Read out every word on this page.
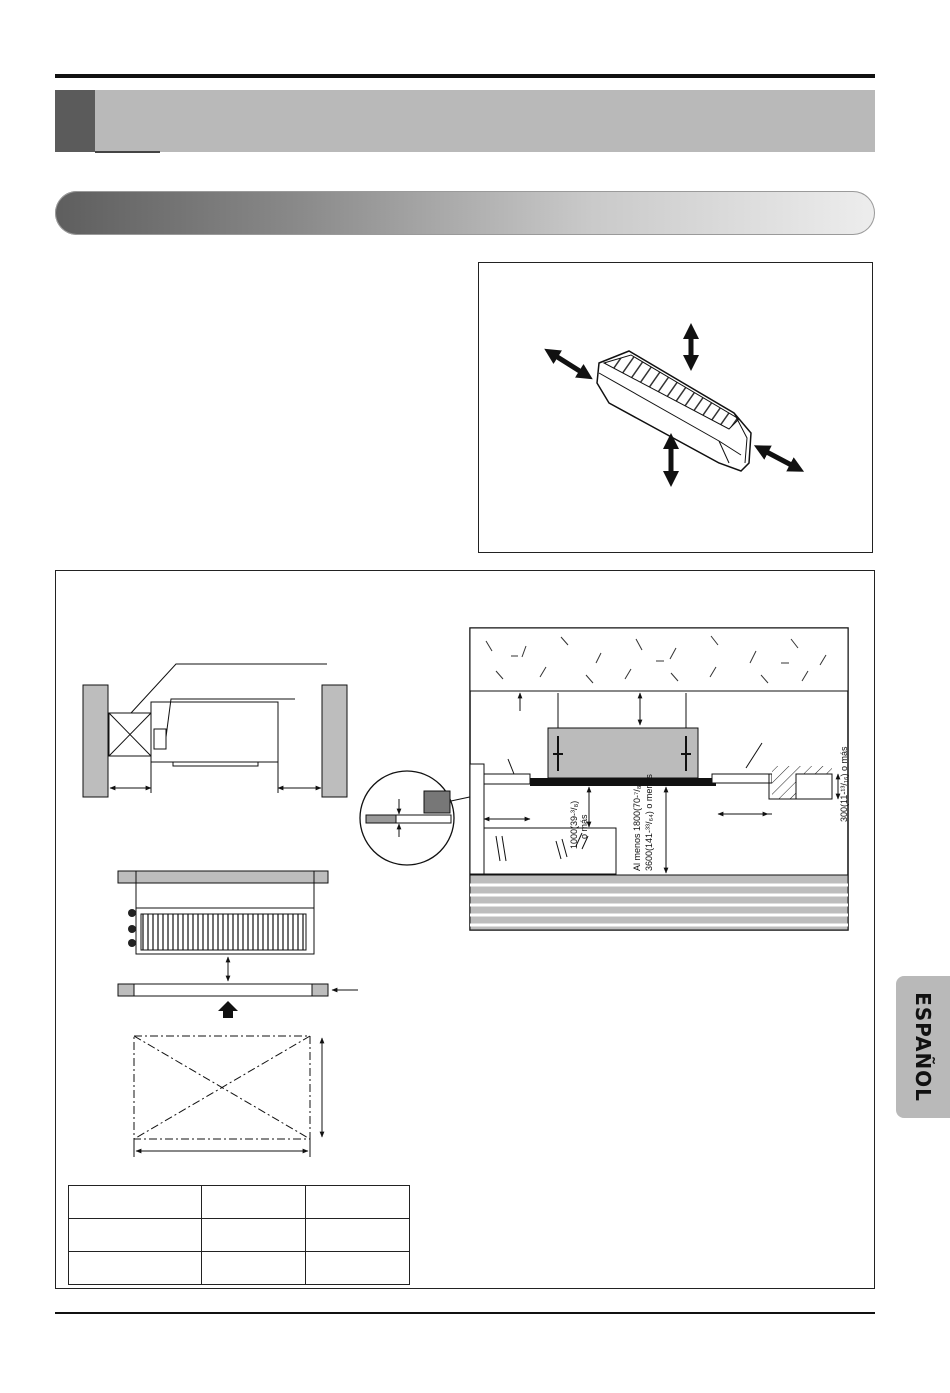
1000(39-³/₈) o más	Al menos 1800(70-⁷/₈) 3600(141-³³/₆₄) o menos	300(11-¹³/₁₆) o más

ESPAÑOL
